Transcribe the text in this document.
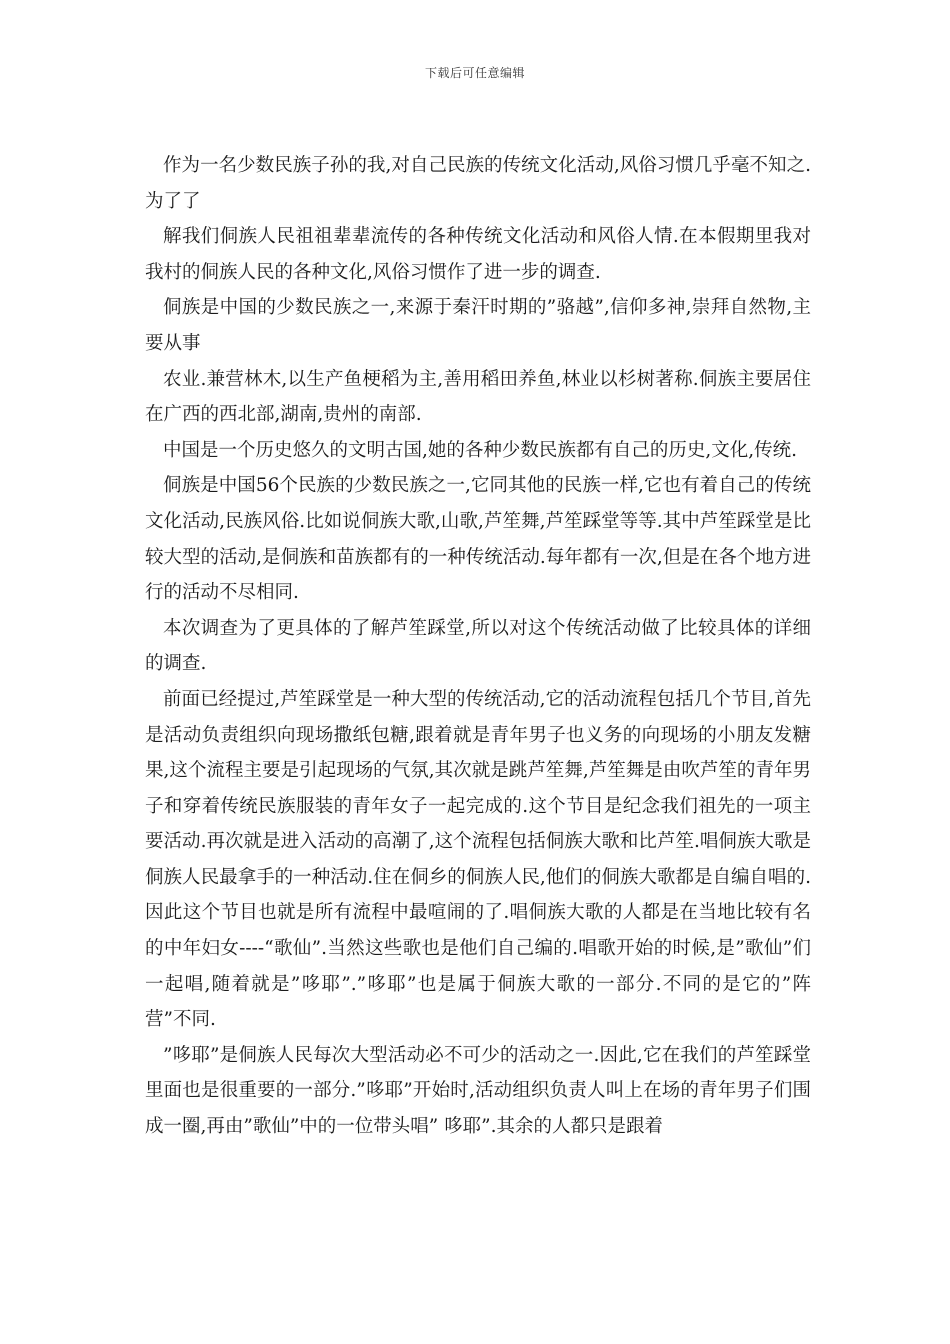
下载后可任意编辑

作为一名少数民族子孙的我,对自己民族的传统文化活动,风俗习惯几乎毫不知之.为了了

解我们侗族人民祖祖辈辈流传的各种传统文化活动和风俗人情.在本假期里我对我村的侗族人民的各种文化,风俗习惯作了进一步的调查.

侗族是中国的少数民族之一,来源于秦汗时期的”骆越”,信仰多神,崇拜自然物,主要从事

农业.兼营林木,以生产鱼梗稻为主,善用稻田养鱼,林业以杉树著称.侗族主要居住在广西的西北部,湖南,贵州的南部.

中国是一个历史悠久的文明古国,她的各种少数民族都有自己的历史,文化,传统.

侗族是中国56个民族的少数民族之一,它同其他的民族一样,它也有着自己的传统文化活动,民族风俗.比如说侗族大歌,山歌,芦笙舞,芦笙踩堂等等.其中芦笙踩堂是比较大型的活动,是侗族和苗族都有的一种传统活动.每年都有一次,但是在各个地方进行的活动不尽相同.

本次调查为了更具体的了解芦笙踩堂,所以对这个传统活动做了比较具体的详细的调查.

前面已经提过,芦笙踩堂是一种大型的传统活动,它的活动流程包括几个节目,首先是活动负责组织向现场撒纸包糖,跟着就是青年男子也义务的向现场的小朋友发糖果,这个流程主要是引起现场的气氛,其次就是跳芦笙舞,芦笙舞是由吹芦笙的青年男子和穿着传统民族服装的青年女子一起完成的.这个节目是纪念我们祖先的一项主要活动.再次就是进入活动的高潮了,这个流程包括侗族大歌和比芦笙.唱侗族大歌是侗族人民最拿手的一种活动.住在侗乡的侗族人民,他们的侗族大歌都是自编自唱的.因此这个节目也就是所有流程中最喧闹的了.唱侗族大歌的人都是在当地比较有名的中年妇女----“歌仙”.当然这些歌也是他们自己编的.唱歌开始的时候,是”歌仙”们一起唱,随着就是”哆耶”.”哆耶”也是属于侗族大歌的一部分.不同的是它的”阵营”不同.

”哆耶”是侗族人民每次大型活动必不可少的活动之一.因此,它在我们的芦笙踩堂里面也是很重要的一部分.”哆耶”开始时,活动组织负责人叫上在场的青年男子们围成一圈,再由”歌仙”中的一位带头唱” 哆耶”.其余的人都只是跟着
